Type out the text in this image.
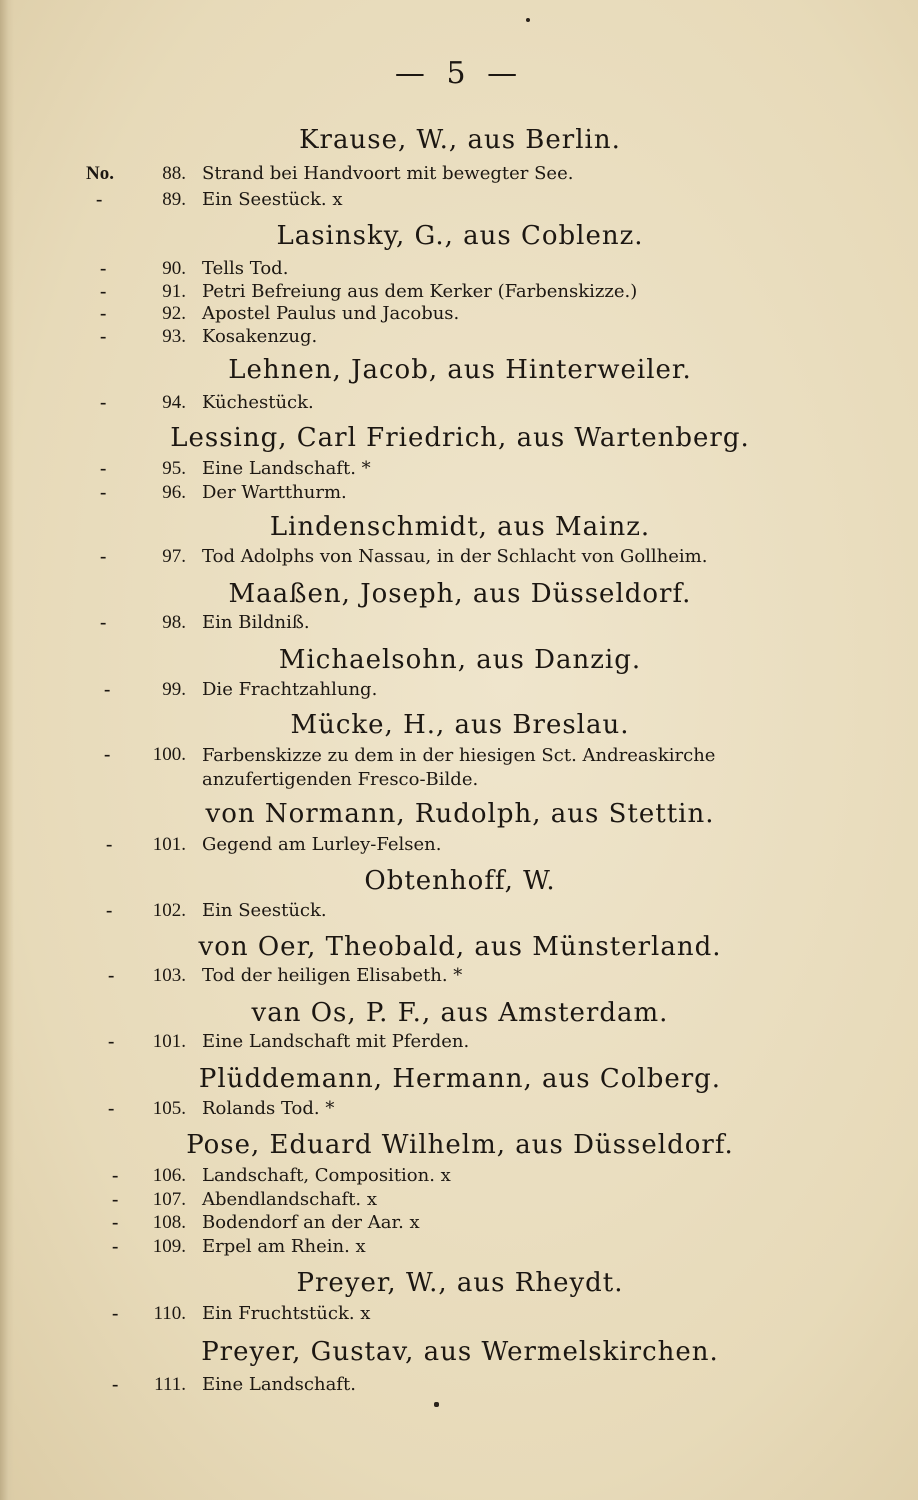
— 5 —
Krause, W., aus Berlin.
No.	88. Strand bei Handvoort mit bewegter See.
-	89. Ein Seestück. x
Lasinsky, G., aus Coblenz.
-	90. Tells Tod.
-	91. Petri Befreiung aus dem Kerker (Farbenskizze.)
-	92. Apostel Paulus und Jacobus.
-	93. Kosakenzug.
Lehnen, Jacob, aus Hinterweiler.
-	94. Küchestück.
Lessing, Carl Friedrich, aus Wartenberg.
-	95. Eine Landschaft. *
-	96. Der Wartthurm.
Lindenschmidt, aus Mainz.
-	97. Tod Adolphs von Nassau, in der Schlacht von Gollheim.
Maaßen, Joseph, aus Düsseldorf.
-	98. Ein Bildniß.
Michaelsohn, aus Danzig.
-	99. Die Frachtzahlung.
Mücke, H., aus Breslau.
-	100. Farbenskizze zu dem in der hiesigen Sct. Andreaskirche anzufertigenden Fresco-Bilde.
von Normann, Rudolph, aus Stettin.
-	101. Gegend am Lurley-Felsen.
Obtenhoff, W.
-	102. Ein Seestück.
von Oer, Theobald, aus Münsterland.
-	103. Tod der heiligen Elisabeth. *
van Os, P. F., aus Amsterdam.
-	101. Eine Landschaft mit Pferden.
Plüddemann, Hermann, aus Colberg.
-	105. Rolands Tod. *
Pose, Eduard Wilhelm, aus Düsseldorf.
-	106. Landschaft, Composition. x
-	107. Abendlandschaft. x
-	108. Bodendorf an der Aar. x
-	109. Erpel am Rhein. x
Preyer, W., aus Rheydt.
-	110. Ein Fruchtstück. x
Preyer, Gustav, aus Wermelskirchen.
-	111. Eine Landschaft.
